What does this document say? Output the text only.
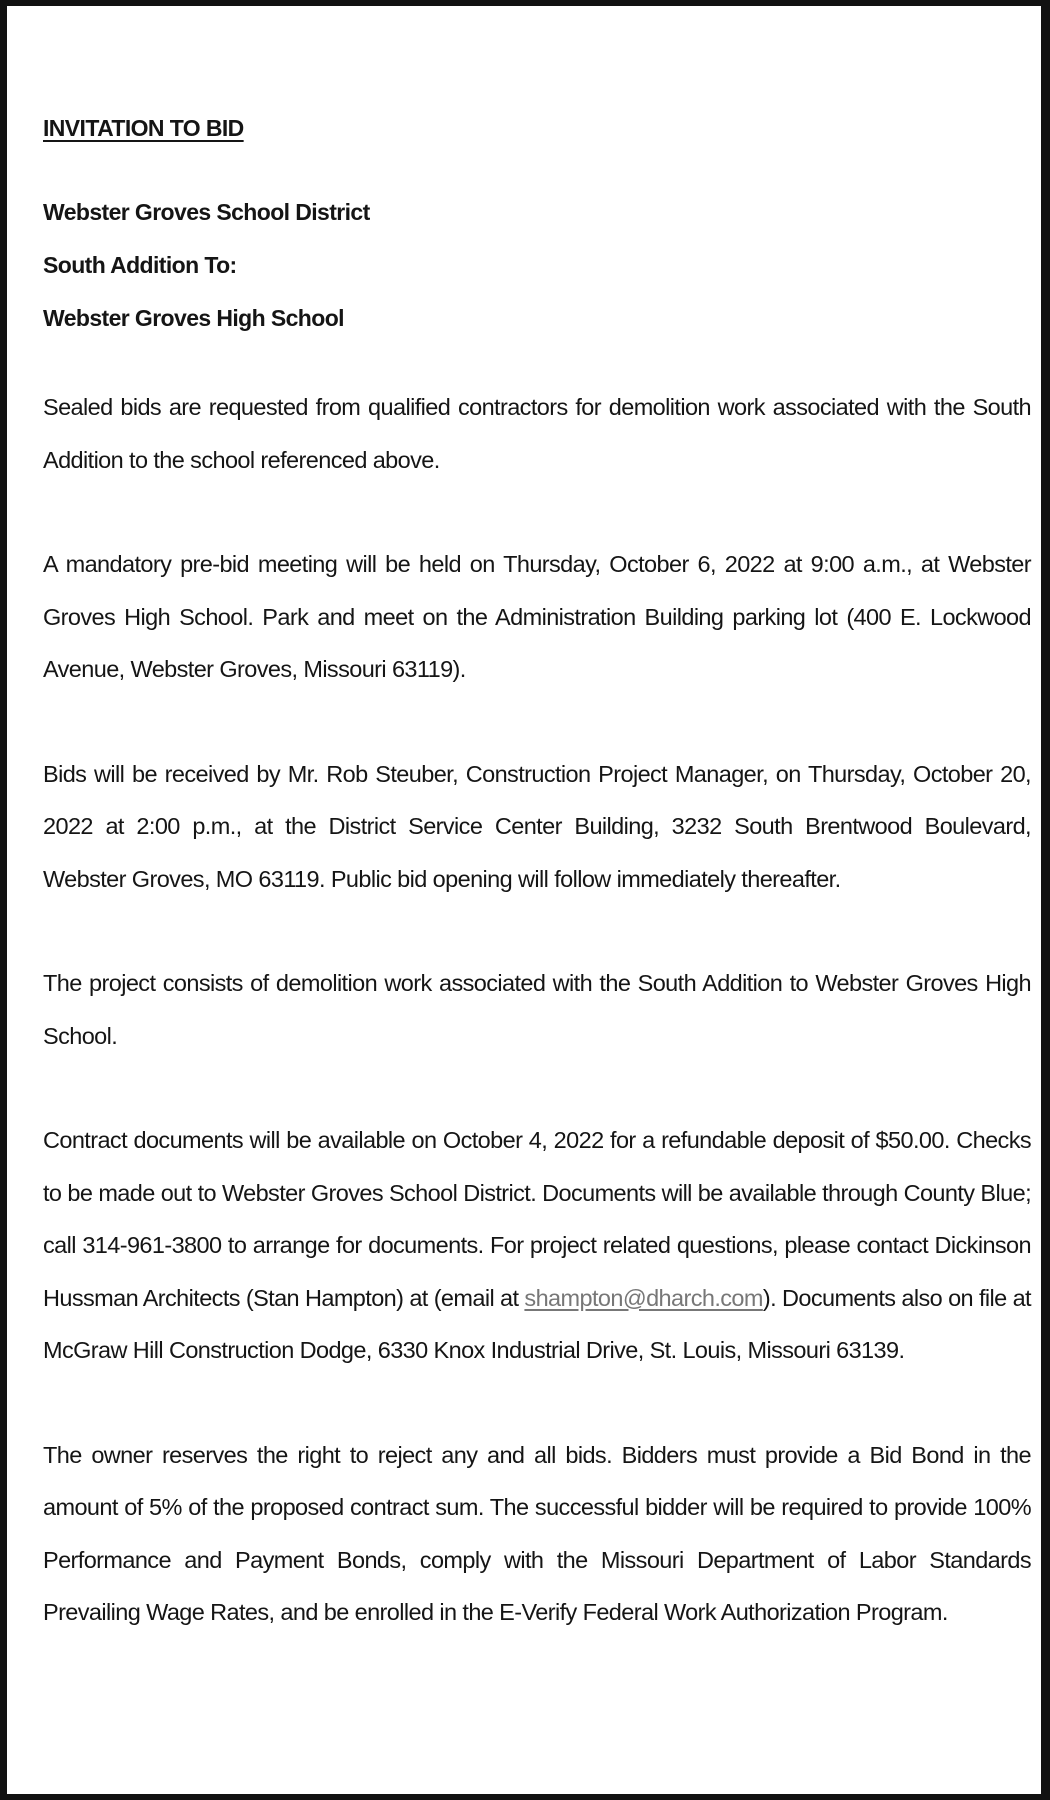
INVITATION TO BID

Webster Groves School District

South Addition To:

Webster Groves High School

Sealed bids are requested from qualified contractors for demolition work associated with the South Addition to the school referenced above.

A mandatory pre-bid meeting will be held on Thursday, October 6, 2022 at 9:00 a.m., at Webster Groves High School. Park and meet on the Administration Building parking lot (400 E. Lockwood Avenue, Webster Groves, Missouri 63119).

Bids will be received by Mr. Rob Steuber, Construction Project Manager, on Thursday, October 20, 2022 at 2:00 p.m., at the District Service Center Building, 3232 South Brentwood Boulevard, Webster Groves, MO 63119. Public bid opening will follow immediately thereafter.

The project consists of demolition work associated with the South Addition to Webster Groves High School.

Contract documents will be available on October 4, 2022 for a refundable deposit of $50.00. Checks to be made out to Webster Groves School District. Documents will be available through County Blue; call 314-961-3800 to arrange for documents. For project related questions, please contact Dickinson Hussman Architects (Stan Hampton) at (email at shampton@dharch.com). Documents also on file at McGraw Hill Construction Dodge, 6330 Knox Industrial Drive, St. Louis, Missouri 63139.

The owner reserves the right to reject any and all bids. Bidders must provide a Bid Bond in the amount of 5% of the proposed contract sum. The successful bidder will be required to provide 100% Performance and Payment Bonds, comply with the Missouri Department of Labor Standards Prevailing Wage Rates, and be enrolled in the E-Verify Federal Work Authorization Program.
